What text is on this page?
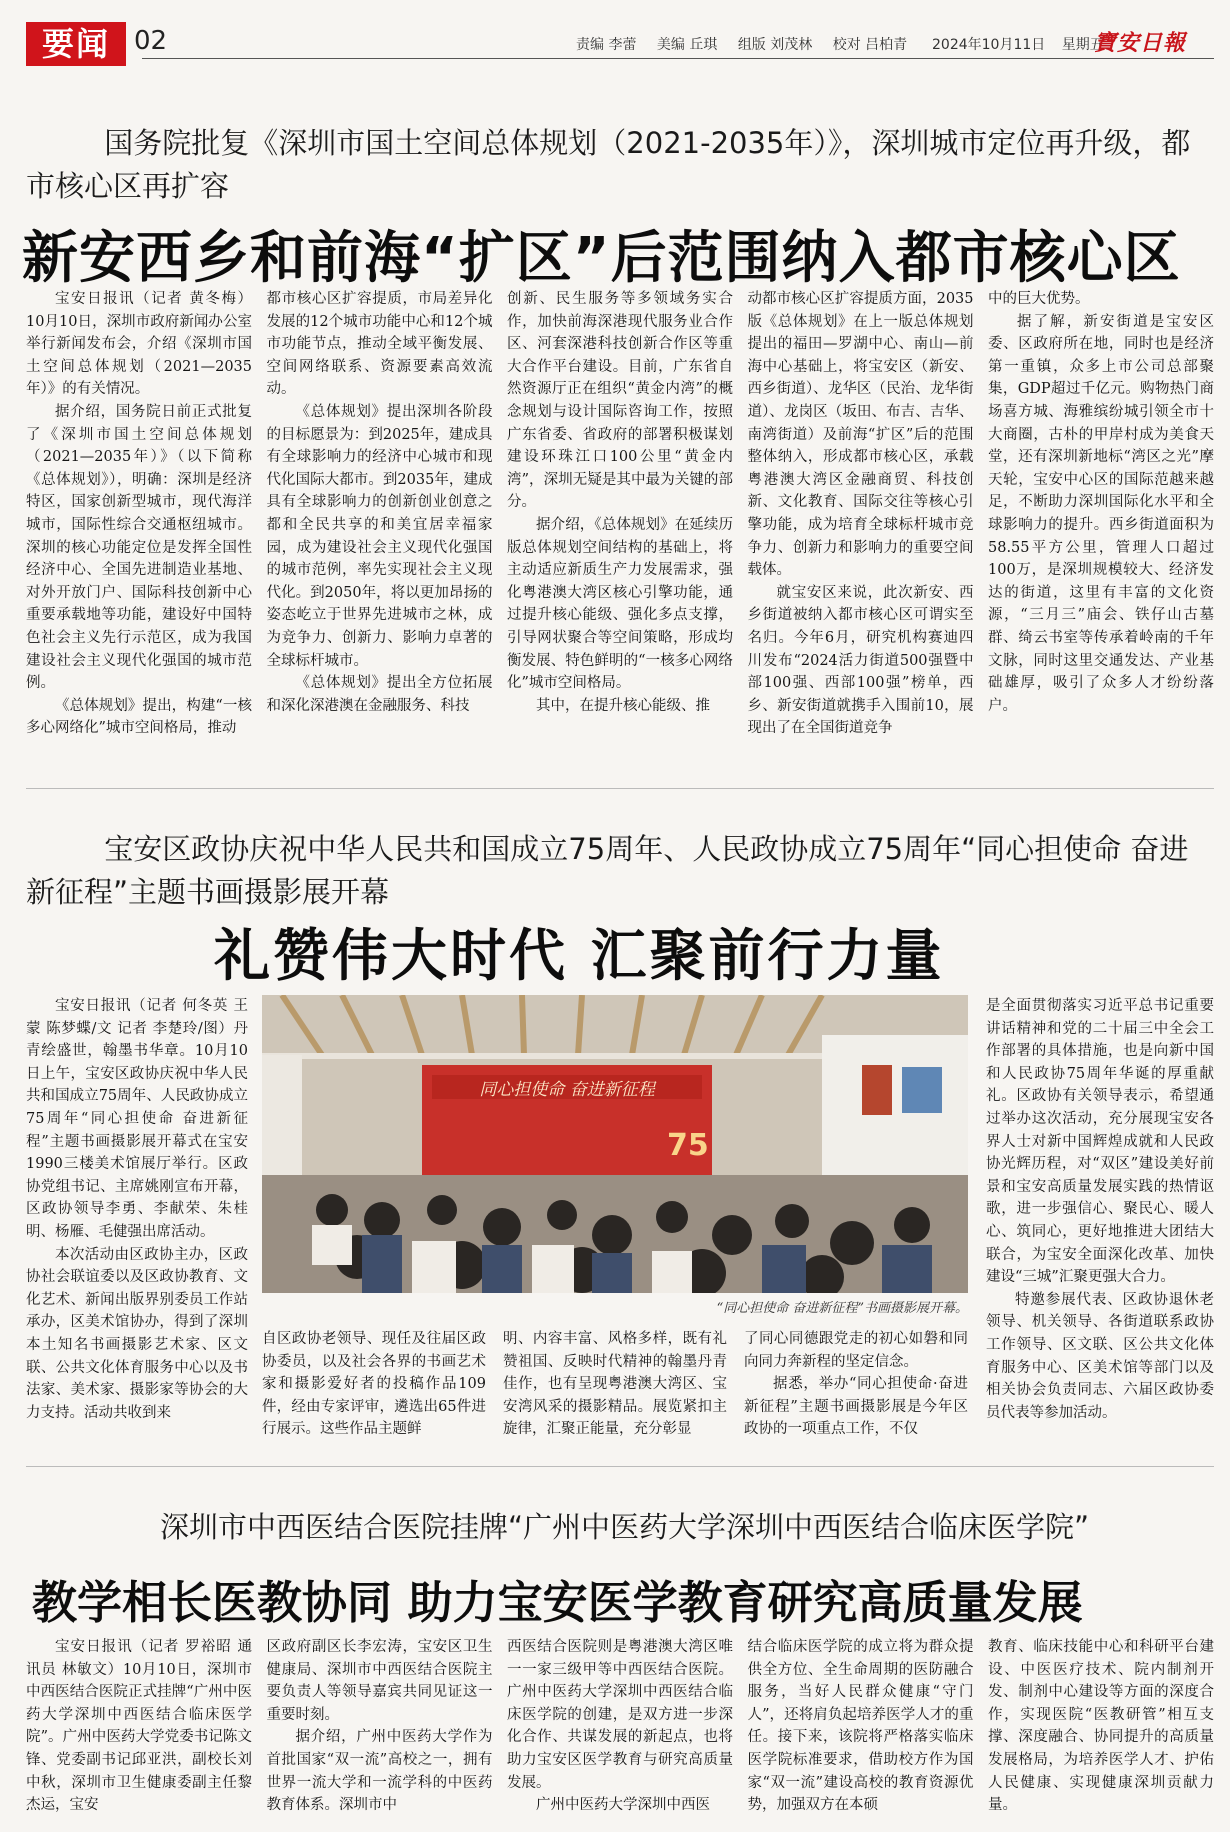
要闻 02	责编 李蕾 美编 丘琪 组版 刘茂林 校对 吕柏青	2024年10月11日 星期五
寶安日報
国务院批复《深圳市国土空间总体规划（2021-2035年）》，深圳城市定位再升级，都市核心区再扩容
新安西乡和前海“扩区”后范围纳入都市核心区
宝安日报讯（记者 黄冬梅）10月10日，深圳市政府新闻办公室举行新闻发布会，介绍《深圳市国土空间总体规划（2021—2035年）》的有关情况。
据介绍，国务院日前正式批复了《深圳市国土空间总体规划（2021—2035年）》（以下简称《总体规划》），明确：深圳是经济特区，国家创新型城市，现代海洋城市，国际性综合交通枢纽城市。深圳的核心功能定位是发挥全国性经济中心、全国先进制造业基地、对外开放门户、国际科技创新中心重要承载地等功能，建设好中国特色社会主义先行示范区，成为我国建设社会主义现代化强国的城市范例。
《总体规划》提出，构建“一核多心网络化”城市空间格局，推动
都市核心区扩容提质，市局差异化发展的12个城市功能中心和12个城市功能节点，推动全域平衡发展、空间网络联系、资源要素高效流动。
《总体规划》提出深圳各阶段的目标愿景为：到2025年，建成具有全球影响力的经济中心城市和现代化国际大都市。到2035年，建成具有全球影响力的创新创业创意之都和全民共享的和美宜居幸福家园，成为建设社会主义现代化强国的城市范例，率先实现社会主义现代化。到2050年，将以更加昂扬的姿态屹立于世界先进城市之林，成为竞争力、创新力、影响力卓著的全球标杆城市。
《总体规划》提出全方位拓展和深化深港澳在金融服务、科技
创新、民生服务等多领域务实合作，加快前海深港现代服务业合作区、河套深港科技创新合作区等重大合作平台建设。目前，广东省自然资源厅正在组织“黄金内湾”的概念规划与设计国际咨询工作，按照广东省委、省政府的部署积极谋划建设环珠江口100公里“黄金内湾”，深圳无疑是其中最为关键的部分。
据介绍，《总体规划》在延续历版总体规划空间结构的基础上，将主动适应新质生产力发展需求，强化粤港澳大湾区核心引擎功能，通过提升核心能级、强化多点支撑，引导网状聚合等空间策略，形成均衡发展、特色鲜明的“一核多心网络化”城市空间格局。
其中，在提升核心能级、推
动都市核心区扩容提质方面，2035版《总体规划》在上一版总体规划提出的福田—罗湖中心、南山—前海中心基础上，将宝安区（新安、西乡街道）、龙华区（民治、龙华街道）、龙岗区（坂田、布吉、吉华、南湾街道）及前海“扩区”后的范围整体纳入，形成都市核心区，承载粤港澳大湾区金融商贸、科技创新、文化教育、国际交往等核心引擎功能，成为培育全球标杆城市竞争力、创新力和影响力的重要空间载体。
就宝安区来说，此次新安、西乡街道被纳入都市核心区可谓实至名归。今年6月，研究机构赛迪四川发布“2024活力街道500强暨中部100强、西部100强”榜单，西乡、新安街道就携手入围前10，展现出了在全国街道竞争
中的巨大优势。
据了解，新安街道是宝安区委、区政府所在地，同时也是经济第一重镇，众多上市公司总部聚集，GDP超过千亿元。购物热门商场喜方城、海雅缤纷城引领全市十大商圈，古朴的甲岸村成为美食天堂，还有深圳新地标“湾区之光”摩天轮，宝安中心区的国际范越来越足，不断助力深圳国际化水平和全球影响力的提升。西乡街道面积为58.55平方公里，管理人口超过100万，是深圳规模较大、经济发达的街道，这里有丰富的文化资源，“三月三”庙会、铁仔山古墓群、绮云书室等传承着岭南的千年文脉，同时这里交通发达、产业基础雄厚，吸引了众多人才纷纷落户。
宝安区政协庆祝中华人民共和国成立75周年、人民政协成立75周年“同心担使命 奋进新征程”主题书画摄影展开幕
礼赞伟大时代 汇聚前行力量
宝安日报讯（记者 何冬英 王蒙 陈梦蝶/文 记者 李楚玲/图）丹青绘盛世，翰墨书华章。10月10日上午，宝安区政协庆祝中华人民共和国成立75周年、人民政协成立75周年“同心担使命 奋进新征程”主题书画摄影展开幕式在宝安1990三楼美术馆展厅举行。区政协党组书记、主席姚刚宣布开幕，区政协领导李勇、李献荣、朱桂明、杨雁、毛健强出席活动。
本次活动由区政协主办，区政协社会联谊委以及区政协教育、文化艺术、新闻出版界别委员工作站承办，区美术馆协办，得到了深圳本土知名书画摄影艺术家、区文联、公共文化体育服务中心以及书法家、美术家、摄影家等协会的大力支持。活动共收到来
同心担使命 奋进新征程
75
“同心担使命 奋进新征程”书画摄影展开幕。
自区政协老领导、现任及往届区政协委员，以及社会各界的书画艺术家和摄影爱好者的投稿作品109件，经由专家评审，遴选出65件进行展示。这些作品主题鲜
明、内容丰富、风格多样，既有礼赞祖国、反映时代精神的翰墨丹青佳作，也有呈现粤港澳大湾区、宝安湾风采的摄影精品。展览紧扣主旋律，汇聚正能量，充分彰显
了同心同德跟党走的初心如磐和同向同力奔新程的坚定信念。
据悉，举办“同心担使命·奋进新征程”主题书画摄影展是今年区政协的一项重点工作，不仅
是全面贯彻落实习近平总书记重要讲话精神和党的二十届三中全会工作部署的具体措施，也是向新中国和人民政协75周年华诞的厚重献礼。区政协有关领导表示，希望通过举办这次活动，充分展现宝安各界人士对新中国辉煌成就和人民政协光辉历程，对“双区”建设美好前景和宝安高质量发展实践的热情讴歌，进一步强信心、聚民心、暖人心、筑同心，更好地推进大团结大联合，为宝安全面深化改革、加快建设“三城”汇聚更强大合力。
特邀参展代表、区政协退休老领导、机关领导、各街道联系政协工作领导、区文联、区公共文化体育服务中心、区美术馆等部门以及相关协会负责同志、六届区政协委员代表等参加活动。
深圳市中西医结合医院挂牌“广州中医药大学深圳中西医结合临床医学院”
教学相长医教协同 助力宝安医学教育研究高质量发展
宝安日报讯（记者 罗裕昭 通讯员 林敏文）10月10日，深圳市中西医结合医院正式挂牌“广州中医药大学深圳中西医结合临床医学院”。广州中医药大学党委书记陈文锋、党委副书记邱亚洪，副校长刘中秋，深圳市卫生健康委副主任黎杰运，宝安
区政府副区长李宏涛，宝安区卫生健康局、深圳市中西医结合医院主要负责人等领导嘉宾共同见证这一重要时刻。
据介绍，广州中医药大学作为首批国家“双一流”高校之一，拥有世界一流大学和一流学科的中医药教育体系。深圳市中
西医结合医院则是粤港澳大湾区唯一一家三级甲等中西医结合医院。广州中医药大学深圳中西医结合临床医学院的创建，是双方进一步深化合作、共谋发展的新起点，也将助力宝安区医学教育与研究高质量发展。
广州中医药大学深圳中西医
结合临床医学院的成立将为群众提供全方位、全生命周期的医防融合服务，当好人民群众健康“守门人”，还将肩负起培养医学人才的重任。接下来，该院将严格落实临床医学院标准要求，借助校方作为国家“双一流”建设高校的教育资源优势，加强双方在本硕
教育、临床技能中心和科研平台建设、中医医疗技术、院内制剂开发、制剂中心建设等方面的深度合作，实现医院“医教研管”相互支撑、深度融合、协同提升的高质量发展格局，为培养医学人才、护佑人民健康、实现健康深圳贡献力量。
